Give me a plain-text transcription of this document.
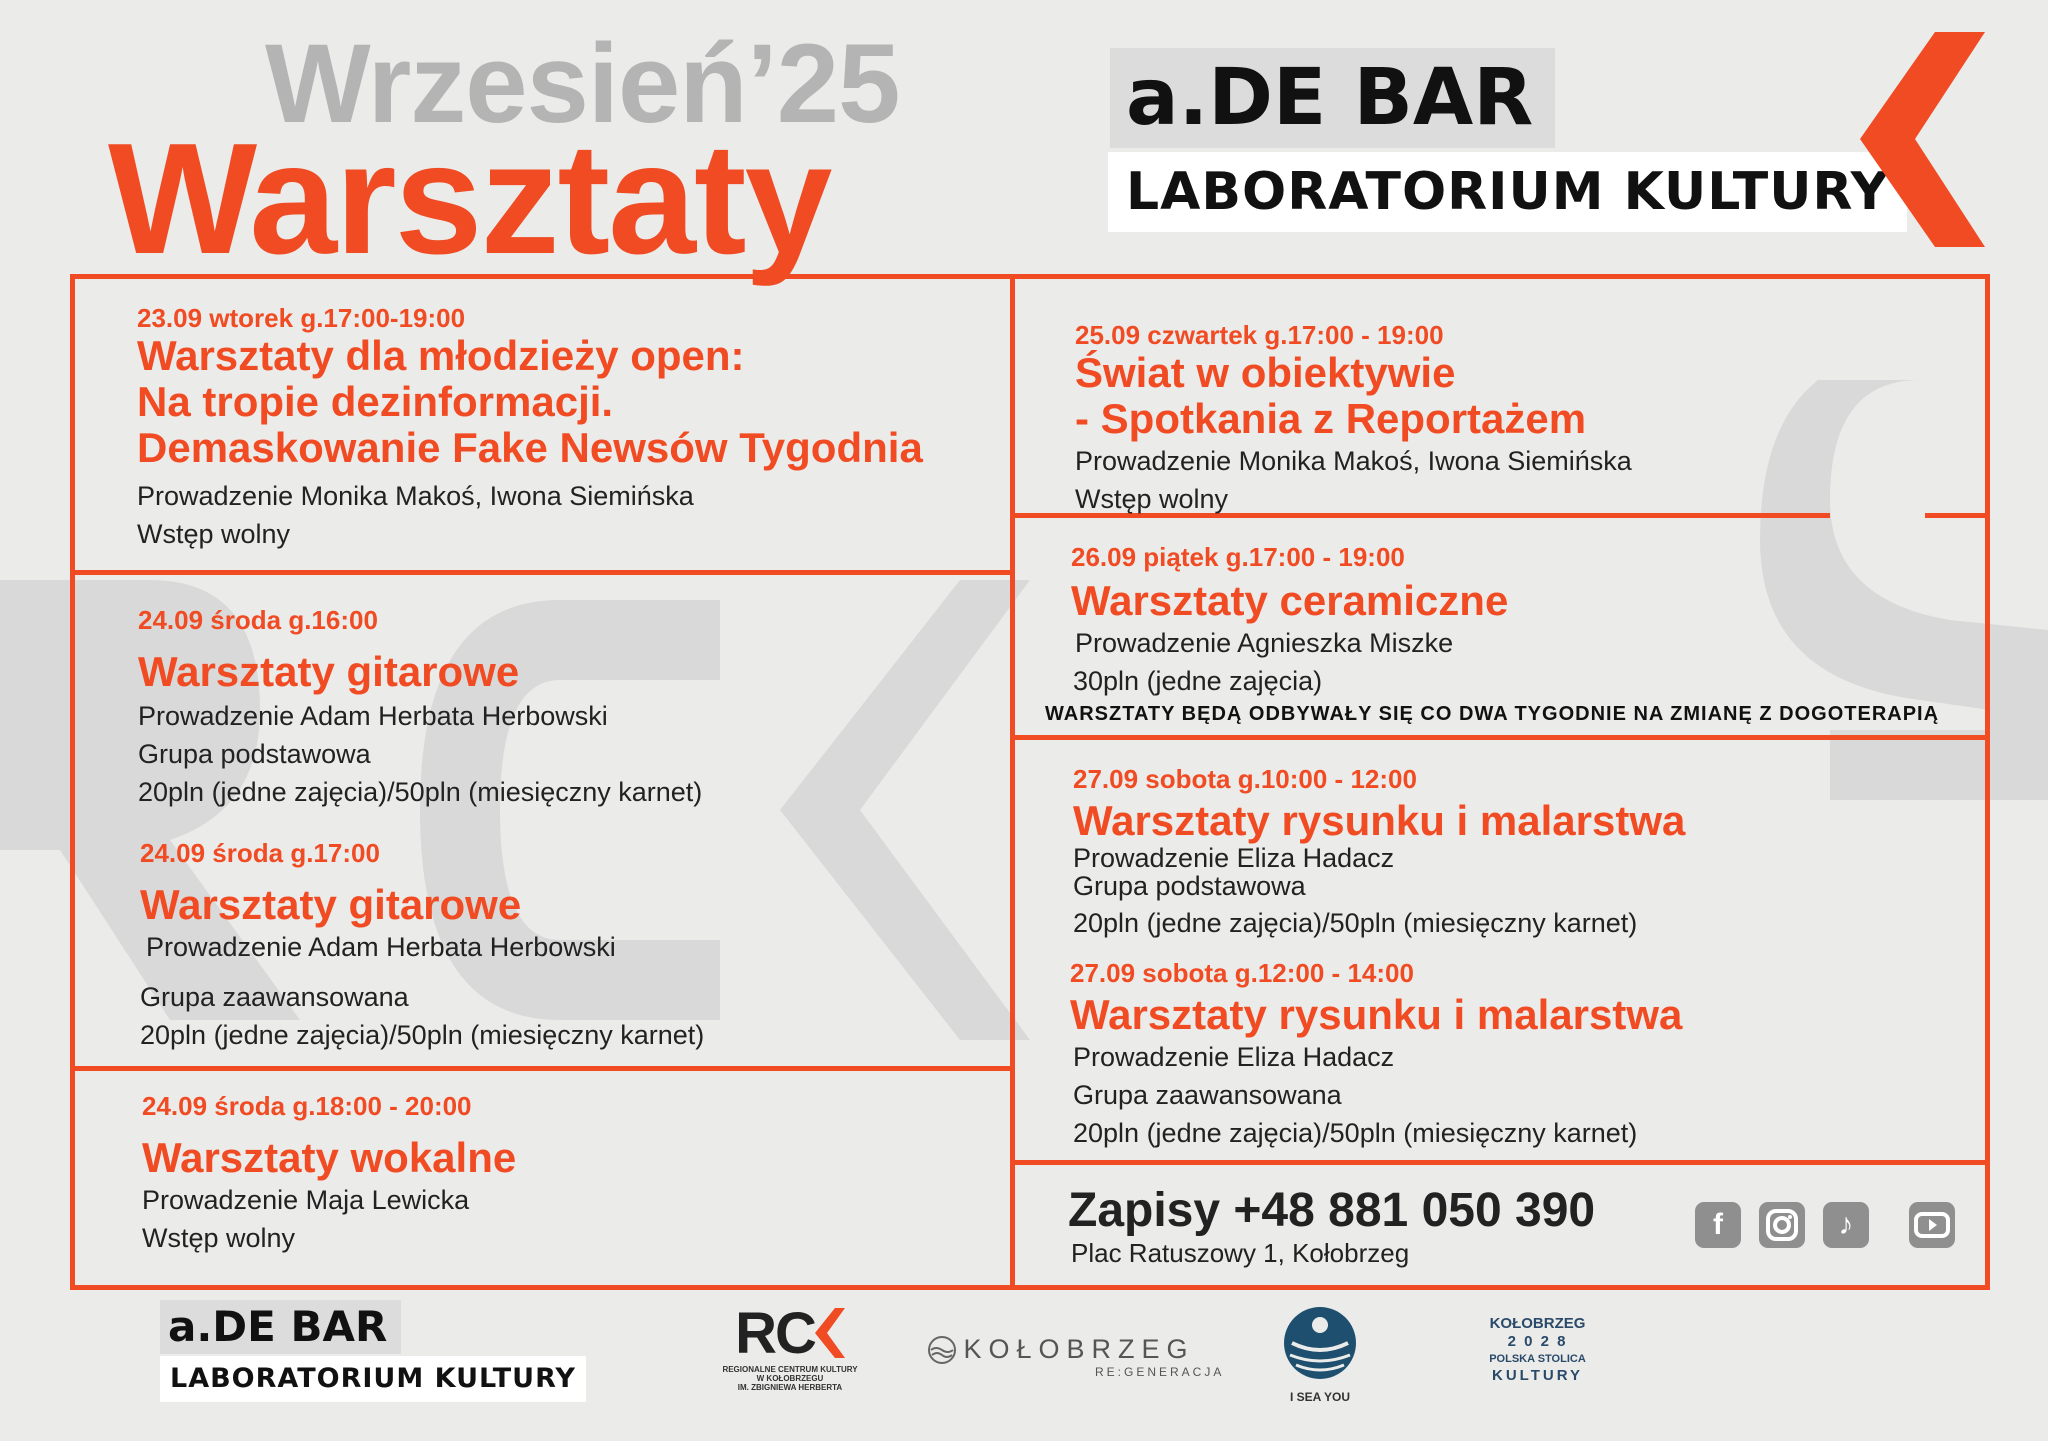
Wrzesień’25
Warsztaty
a.DE BAR
LABORATORIUM KULTURY
23.09 wtorek g.17:00-19:00
Warsztaty dla młodzieży open:
Na tropie dezinformacji.
Demaskowanie Fake Newsów Tygodnia
Prowadzenie Monika Makoś, Iwona Siemińska
Wstęp wolny
24.09 środa g.16:00
Warsztaty gitarowe
Prowadzenie Adam Herbata Herbowski
Grupa podstawowa
20pln (jedne zajęcia)/50pln (miesięczny karnet)
24.09 środa g.17:00
Warsztaty gitarowe
Prowadzenie Adam Herbata Herbowski
Grupa zaawansowana
20pln (jedne zajęcia)/50pln (miesięczny karnet)
24.09 środa g.18:00 - 20:00
Warsztaty wokalne
Prowadzenie Maja Lewicka
Wstęp wolny
25.09 czwartek g.17:00 - 19:00
Świat w obiektywie
- Spotkania z Reportażem
Prowadzenie Monika Makoś, Iwona Siemińska
Wstęp wolny
26.09 piątek g.17:00 - 19:00
Warsztaty ceramiczne
Prowadzenie Agnieszka Miszke
30pln (jedne zajęcia)
WARSZTATY BĘDĄ ODBYWAŁY SIĘ CO DWA TYGODNIE NA ZMIANĘ Z DOGOTERAPIĄ
27.09 sobota g.10:00 - 12:00
Warsztaty rysunku i malarstwa
Prowadzenie Eliza Hadacz
Grupa podstawowa
20pln (jedne zajęcia)/50pln (miesięczny karnet)
27.09 sobota g.12:00 - 14:00
Warsztaty rysunku i malarstwa
Prowadzenie Eliza Hadacz
Grupa zaawansowana
20pln (jedne zajęcia)/50pln (miesięczny karnet)
Zapisy +48 881 050 390
Plac Ratuszowy 1, Kołobrzeg
f	♪
a.DE BAR
LABORATORIUM KULTURY
RC
REGIONALNE CENTRUM KULTURY
W KOŁOBRZEGU
IM. ZBIGNIEWA HERBERTA
KOŁOBRZEG
RE:GENERACJA
I SEA YOU
KOŁOBRZEG
2 0 2 8
POLSKA STOLICA
KULTURY
